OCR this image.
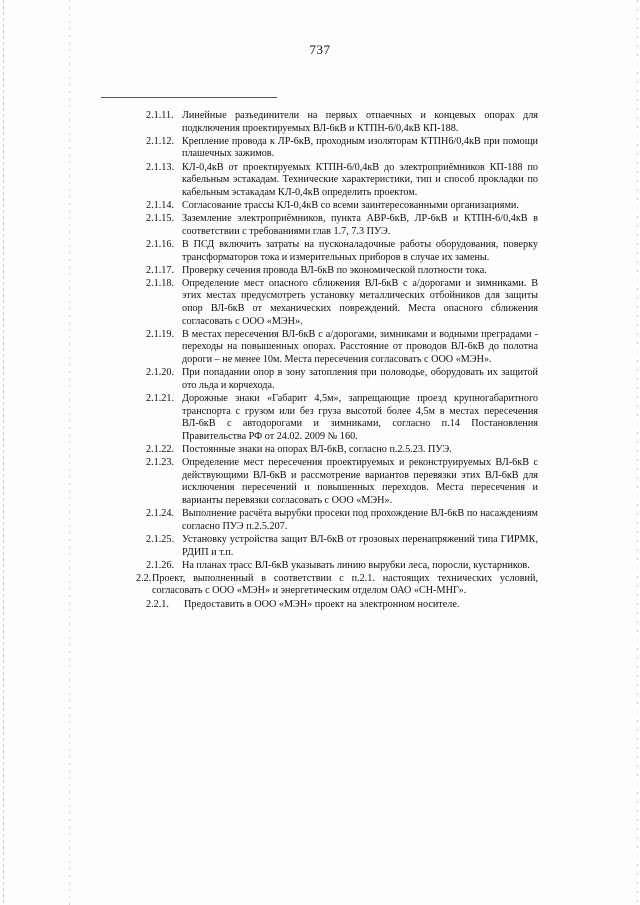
737
2.1.11. Линейные разъединители на первых отпаечных и концевых опорах для подключения проектируемых ВЛ-6кВ и КТПН-6/0,4кВ КП-188.
2.1.12. Крепление провода к ЛР-6кВ, проходным изоляторам КТПН6/0,4кВ при помощи плашечных зажимов.
2.1.13. КЛ-0,4кВ от проектируемых КТПН-6/0,4кВ до электроприёмников КП-188 по кабельным эстакадам. Технические характеристики, тип и способ прокладки по кабельным эстакадам КЛ-0,4кВ определить проектом.
2.1.14. Согласование трассы КЛ-0,4кВ со всеми заинтересованными организациями.
2.1.15. Заземление электроприёмников, пункта АВР-6кВ, ЛР-6кВ и КТПН-6/0,4кВ в соответствии с требованиями глав 1.7, 7.3 ПУЭ.
2.1.16. В ПСД включить затраты на пусконаладочные работы оборудования, поверку трансформаторов тока и измерительных приборов в случае их замены.
2.1.17. Проверку сечения провода ВЛ-6кВ по экономической плотности тока.
2.1.18. Определение мест опасного сближения ВЛ-6кВ с а/дорогами и зимниками. В этих местах предусмотреть установку металлических отбойников для защиты опор ВЛ-6кВ от механических повреждений. Места опасного сближения согласовать с ООО «МЭН».
2.1.19. В местах пересечения ВЛ-6кВ с а/дорогами, зимниками и водными преградами - переходы на повышенных опорах. Расстояние от проводов ВЛ-6кВ до полотна дороги – не менее 10м. Места пересечения согласовать с ООО «МЭН».
2.1.20. При попадании опор в зону затопления при половодье, оборудовать их защитой ото льда и корчехода.
2.1.21. Дорожные знаки «Габарит 4,5м», запрещающие проезд крупногабаритного транспорта с грузом или без груза высотой более 4,5м в местах пересечения ВЛ-6кВ с автодорогами и зимниками, согласно п.14 Постановления Правительства РФ от 24.02. 2009 № 160.
2.1.22. Постоянные знаки на опорах ВЛ-6кВ, согласно п.2.5.23. ПУЭ.
2.1.23. Определение мест пересечения проектируемых и реконструируемых ВЛ-6кВ с действующими ВЛ-6кВ и рассмотрение вариантов перевязки этих ВЛ-6кВ для исключения пересечений и повышенных переходов. Места пересечения и варианты перевязки согласовать с ООО «МЭН».
2.1.24. Выполнение расчёта вырубки просеки под прохождение ВЛ-6кВ по насаждениям согласно ПУЭ п.2.5.207.
2.1.25. Установку устройства защит ВЛ-6кВ от грозовых перенапряжений типа ГИРМК, РДИП и т.п.
2.1.26. На планах трасс ВЛ-6кВ указывать линию вырубки леса, поросли, кустарников.
2.2. Проект, выполненный в соответствии с п.2.1. настоящих технических условий, согласовать с ООО «МЭН» и энергетическим отделом ОАО «СН-МНГ».
2.2.1.	Предоставить в ООО «МЭН» проект на электронном носителе.
